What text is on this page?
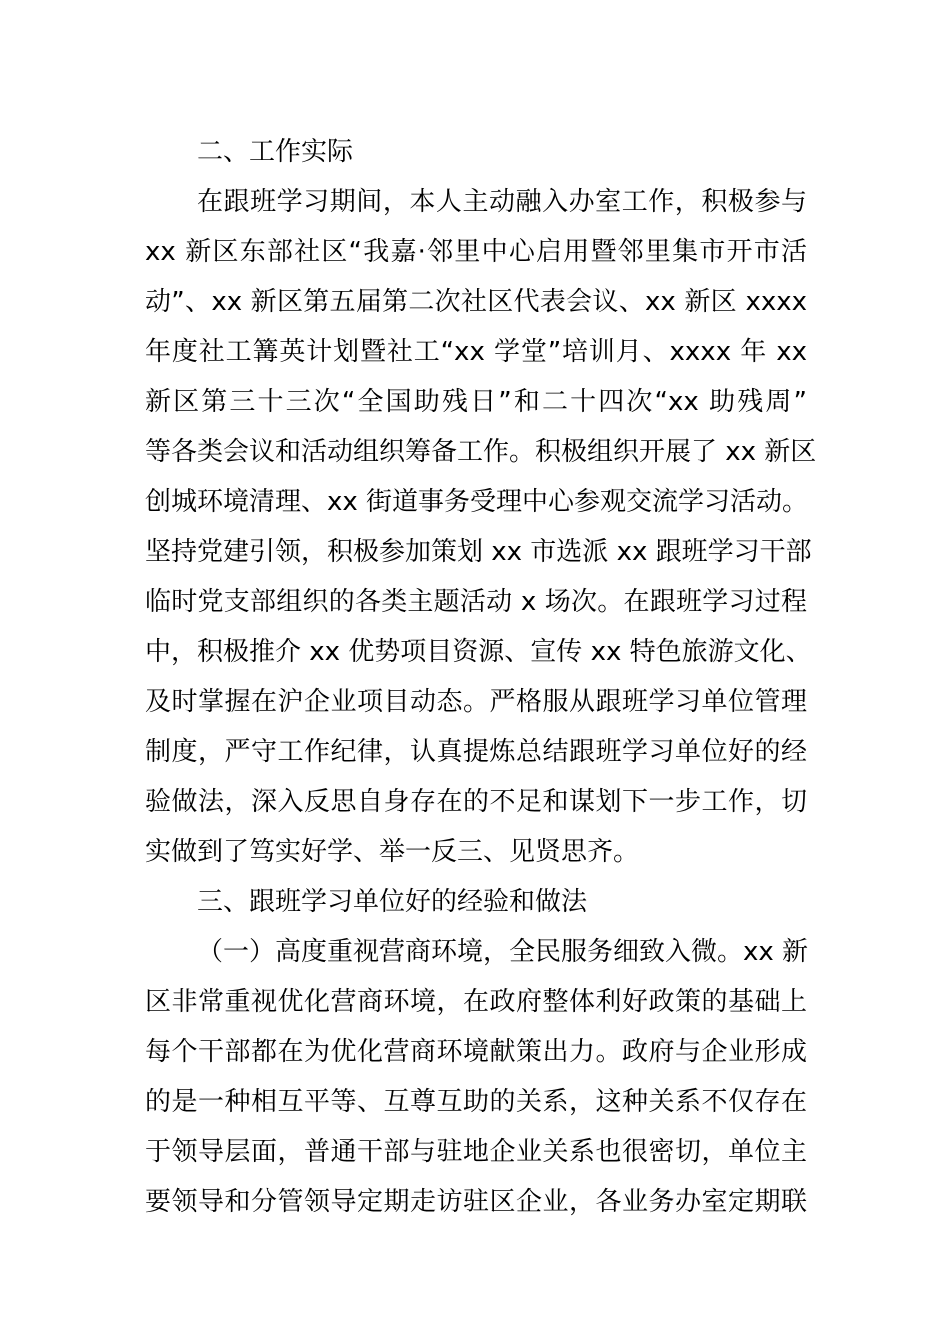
二、工作实际
在跟班学习期间，本人主动融入办室工作，积极参与
xx 新区东部社区“我嘉·邻里中心启用暨邻里集市开市活
动”、xx 新区第五届第二次社区代表会议、xx 新区 xxxx
年度社工篝英计划暨社工“xx 学堂”培训月、xxxx 年 xx
新区第三十三次“全国助残日”和二十四次“xx 助残周”
等各类会议和活动组织筹备工作。积极组织开展了 xx 新区
创城环境清理、xx 街道事务受理中心参观交流学习活动。
坚持党建引领，积极参加策划 xx 市选派 xx 跟班学习干部
临时党支部组织的各类主题活动 x 场次。在跟班学习过程
中，积极推介 xx 优势项目资源、宣传 xx 特色旅游文化、
及时掌握在沪企业项目动态。严格服从跟班学习单位管理
制度，严守工作纪律，认真提炼总结跟班学习单位好的经
验做法，深入反思自身存在的不足和谋划下一步工作，切
实做到了笃实好学、举一反三、见贤思齐。
三、跟班学习单位好的经验和做法
（一）高度重视营商环境，全民服务细致入微。xx 新
区非常重视优化营商环境，在政府整体利好政策的基础上
每个干部都在为优化营商环境献策出力。政府与企业形成
的是一种相互平等、互尊互助的关系，这种关系不仅存在
于领导层面，普通干部与驻地企业关系也很密切，单位主
要领导和分管领导定期走访驻区企业，各业务办室定期联
